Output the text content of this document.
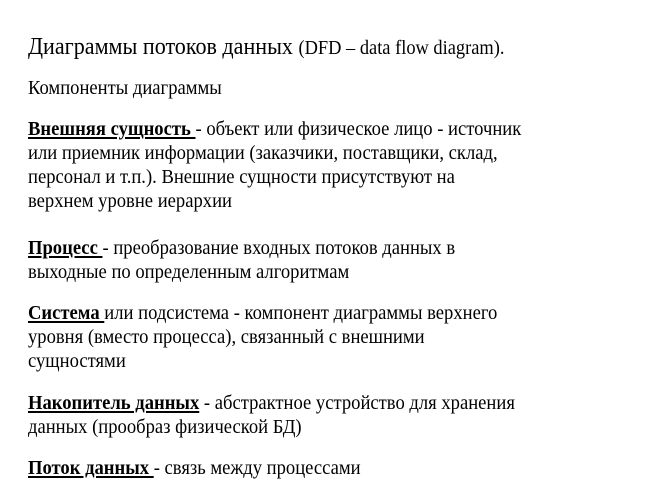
Диаграммы потоков данных (DFD – data flow diagram).
Компоненты диаграммы
Внешняя сущность - объект или физическое лицо - источник
или приемник информации (заказчики, поставщики, склад,
персонал и т.п.). Внешние сущности присутствуют на
верхнем уровне иерархии
Процесс - преобразование входных потоков данных в
выходные по определенным алгоритмам
Система или подсистема - компонент диаграммы верхнего
уровня (вместо процесса), связанный с внешними
сущностями
Накопитель данных - абстрактное устройство для хранения
данных (прообраз физической БД)
Поток данных - связь между процессами
